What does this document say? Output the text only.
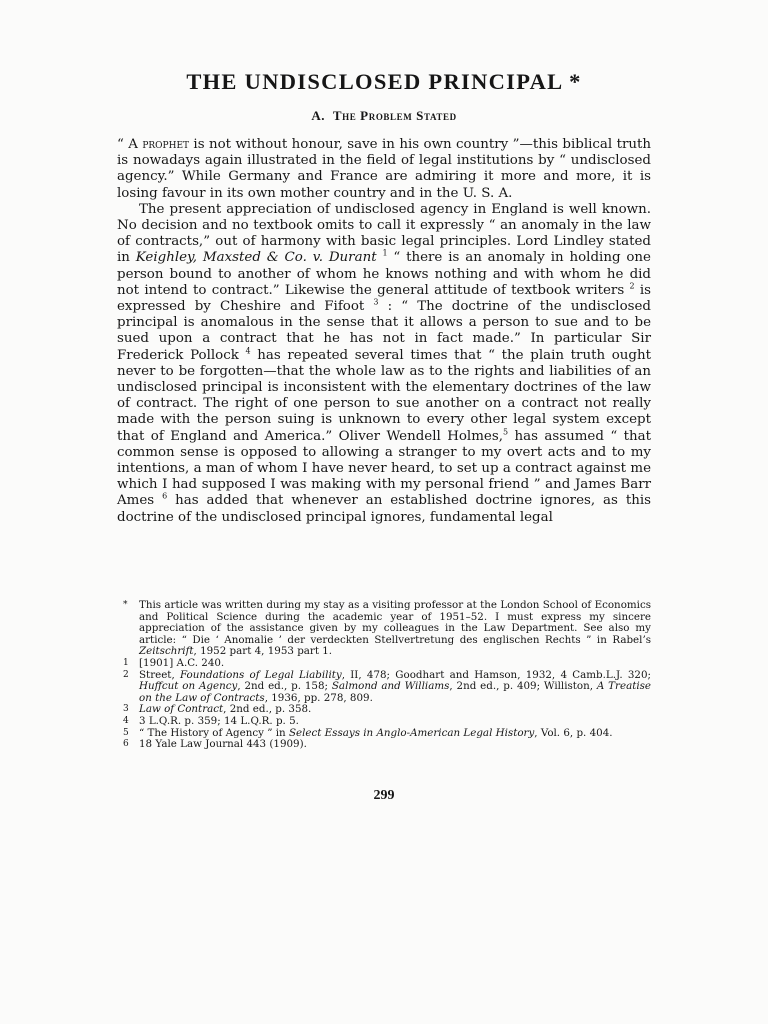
THE UNDISCLOSED PRINCIPAL *
A. The Problem Stated

“ A prophet is not without honour, save in his own country ”—this biblical truth is nowadays again illustrated in the field of legal institutions by “ undisclosed agency.” While Germany and France are admiring it more and more, it is losing favour in its own mother country and in the U. S. A.

The present appreciation of undisclosed agency in England is well known. No decision and no textbook omits to call it expressly “ an anomaly in the law of contracts,” out of harmony with basic legal principles. Lord Lindley stated in Keighley, Maxsted & Co. v. Durant $^1$ “ there is an anomaly in holding one person bound to another of whom he knows nothing and with whom he did not intend to contract.” Likewise the general attitude of textbook writers $^2$ is expressed by Cheshire and Fifoot $^3$ : “ The doctrine of the undisclosed principal is anomalous in the sense that it allows a person to sue and to be sued upon a contract that he has not in fact made.” In particular Sir Frederick Pollock $^4$ has repeated several times that “ the plain truth ought never to be forgotten—that the whole law as to the rights and liabilities of an undisclosed principal is inconsistent with the elementary doctrines of the law of contract. The right of one person to sue another on a contract not really made with the person suing is unknown to every other legal system except that of England and America.” Oliver Wendell Holmes,$^5$ has assumed “ that common sense is opposed to allowing a stranger to my overt acts and to my intentions, a man of whom I have never heard, to set up a contract against me which I had supposed I was making with my personal friend ” and James Barr Ames $^6$ has added that whenever an established doctrine ignores, as this doctrine of the undisclosed principal ignores, fundamental legal

* This article was written during my stay as a visiting professor at the London School of Economics and Political Science during the academic year of 1951–52. I must express my sincere appreciation of the assistance given by my colleagues in the Law Department. See also my article: “ Die ‘ Anomalie ’ der verdeckten Stellvertretung des englischen Rechts ” in Rabel’s Zeitschrift, 1952 part 4, 1953 part 1.

1 [1901] A.C. 240.

2 Street, Foundations of Legal Liability, II, 478; Goodhart and Hamson, 1932, 4 Camb.L.J. 320; Huffcut on Agency, 2nd ed., p. 158; Salmond and Williams, 2nd ed., p. 409; Williston, A Treatise on the Law of Contracts, 1936, pp. 278, 809.

3 Law of Contract, 2nd ed., p. 358.

4 3 L.Q.R. p. 359; 14 L.Q.R. p. 5.

5 “ The History of Agency ” in Select Essays in Anglo-American Legal History, Vol. 6, p. 404.

6 18 Yale Law Journal 443 (1909).

299
